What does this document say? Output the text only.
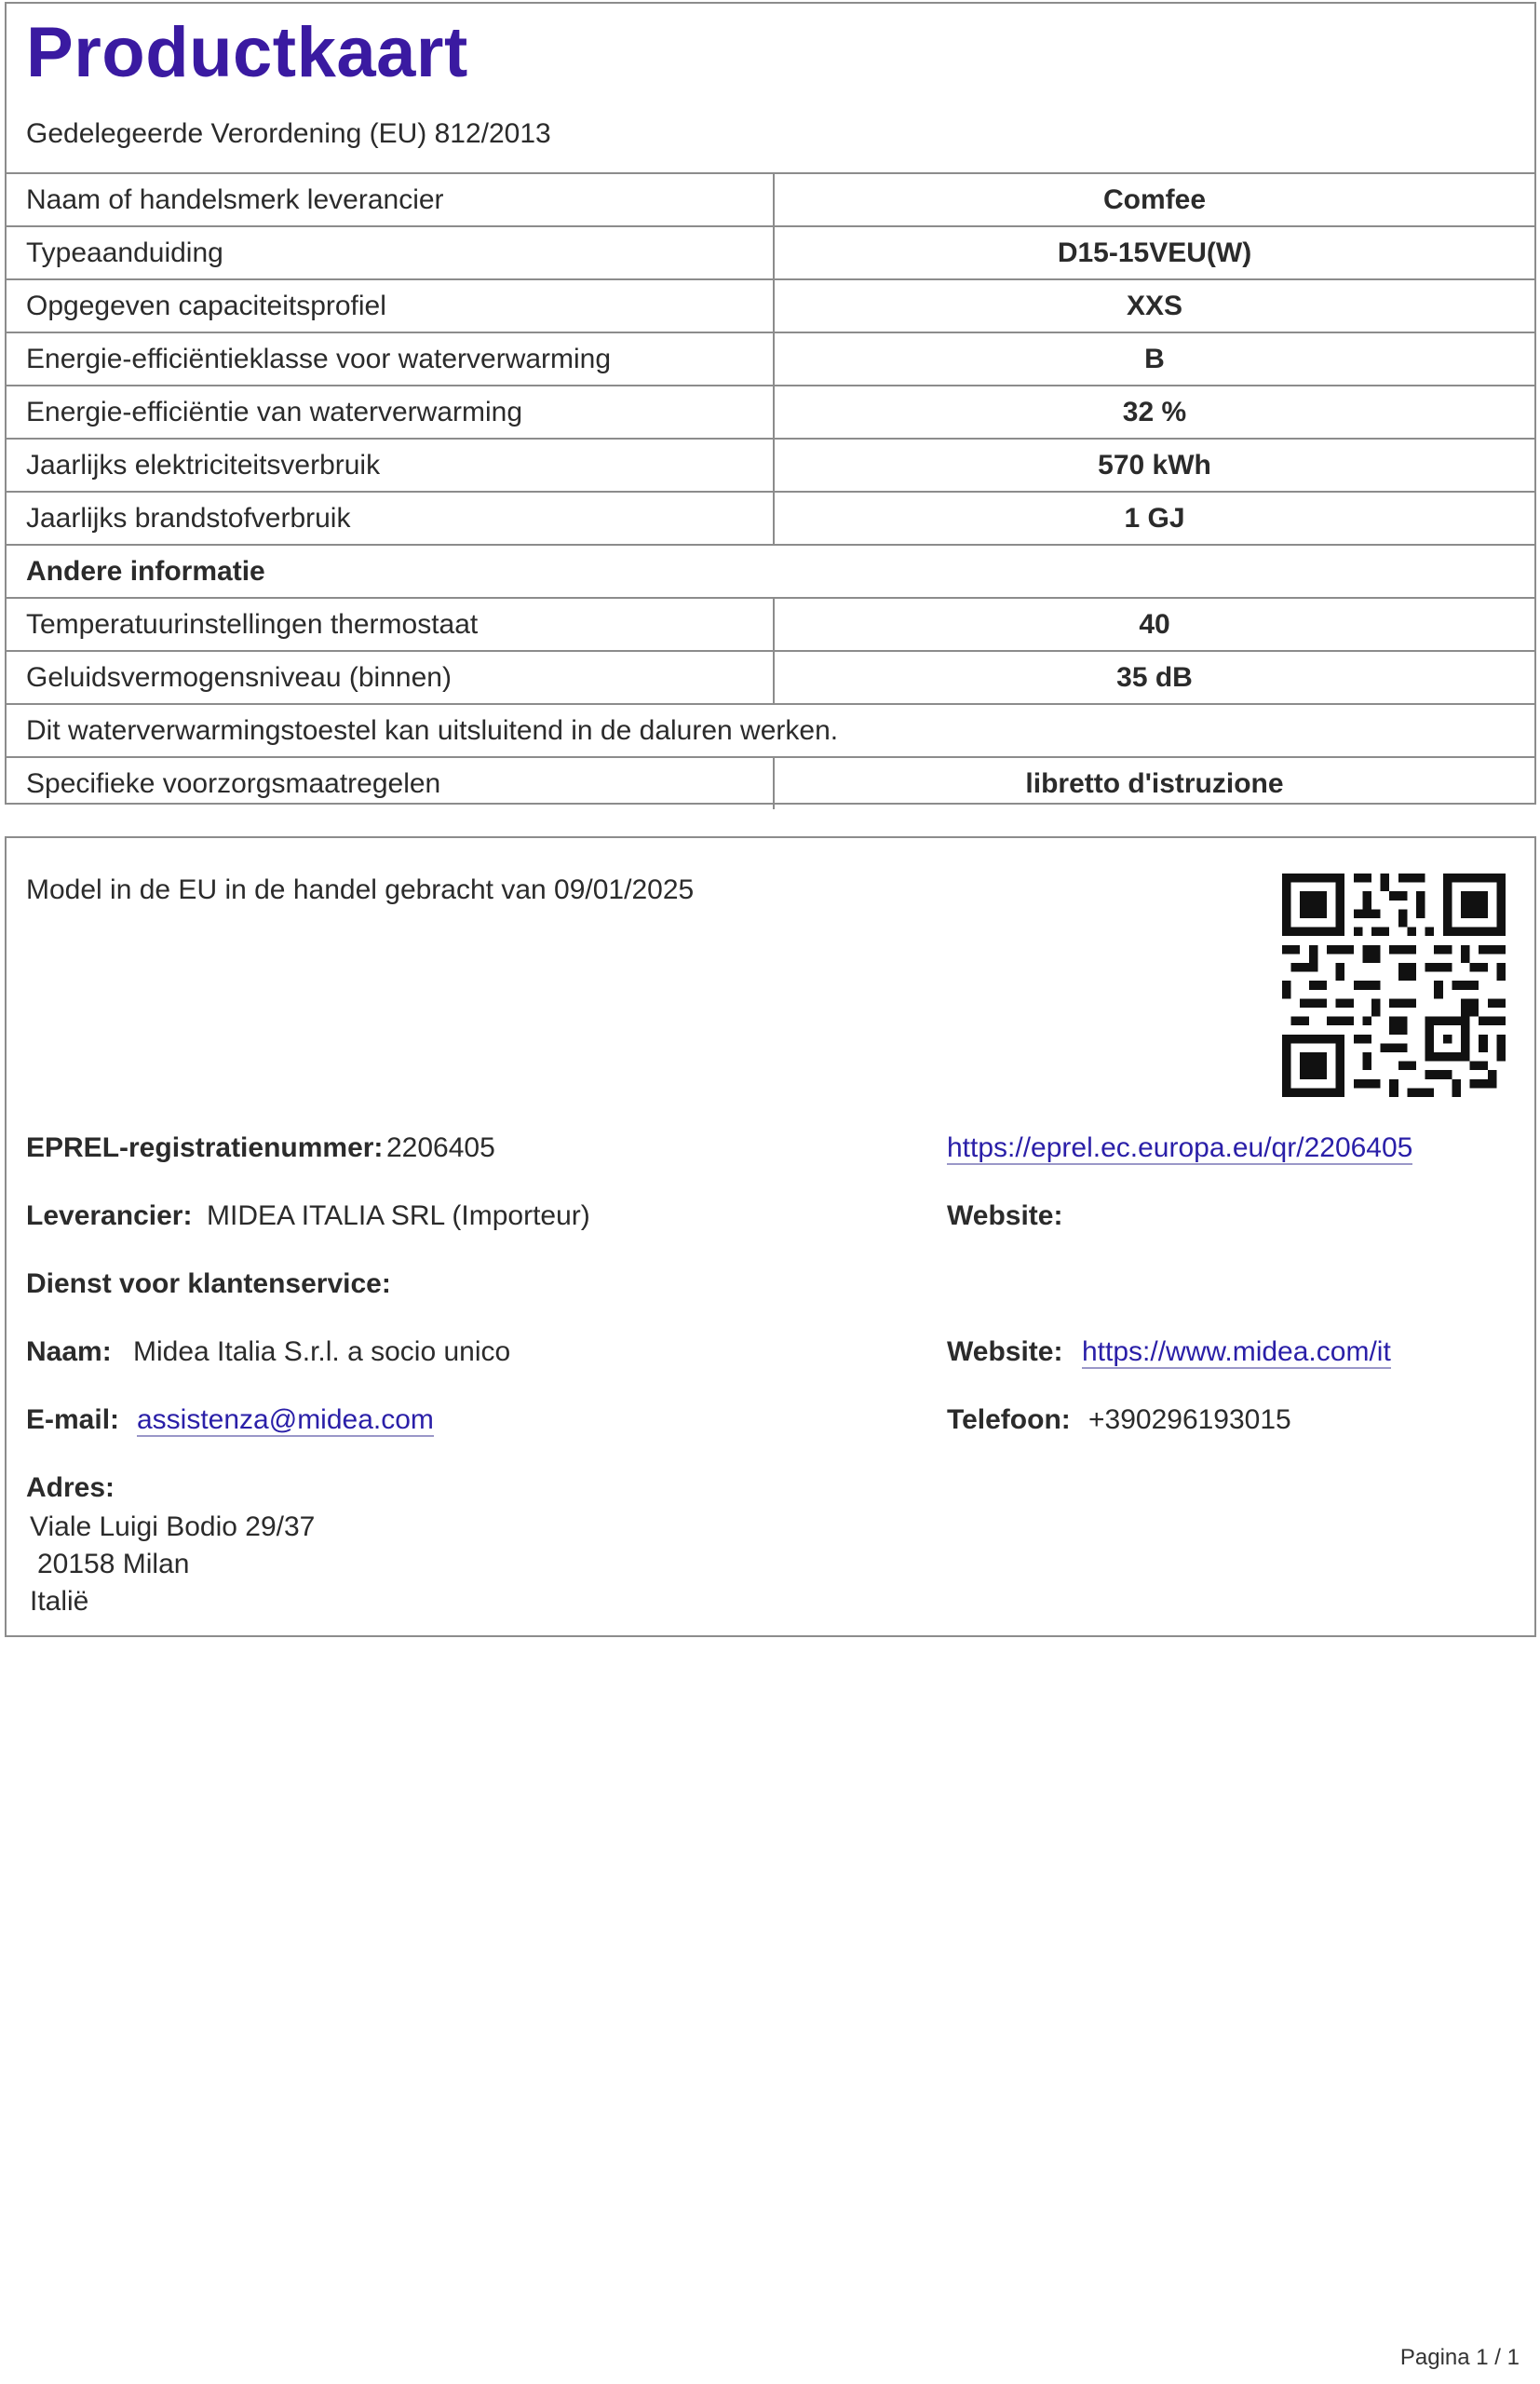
Productkaart
Gedelegeerde Verordening (EU) 812/2013
Naam of handelsmerk leverancier	Comfee
Typeaanduiding	D15-15VEU(W)
Opgegeven capaciteitsprofiel	XXS
Energie-efficiëntieklasse voor waterverwarming	B
Energie-efficiëntie van waterverwarming	32 %
Jaarlijks elektriciteitsverbruik	570 kWh
Jaarlijks brandstofverbruik	1 GJ
Andere informatie
Temperatuurinstellingen thermostaat	40
Geluidsvermogensniveau (binnen)	35 dB
Dit waterverwarmingstoestel kan uitsluitend in de daluren werken.
Specifieke voorzorgsmaatregelen	libretto d'istruzione
Model in de EU in de handel gebracht van 09/01/2025
EPREL-registratienummer: 2206405	https://eprel.ec.europa.eu/qr/2206405
Leverancier: MIDEA ITALIA SRL (Importeur)	Website:
Dienst voor klantenservice:
Naam: Midea Italia S.r.l. a socio unico	Website: https://www.midea.com/it
E-mail: assistenza@midea.com	Telefoon: +390296193015
Adres:
Viale Luigi Bodio 29/37
20158 Milan
Italië
Pagina 1 / 1
